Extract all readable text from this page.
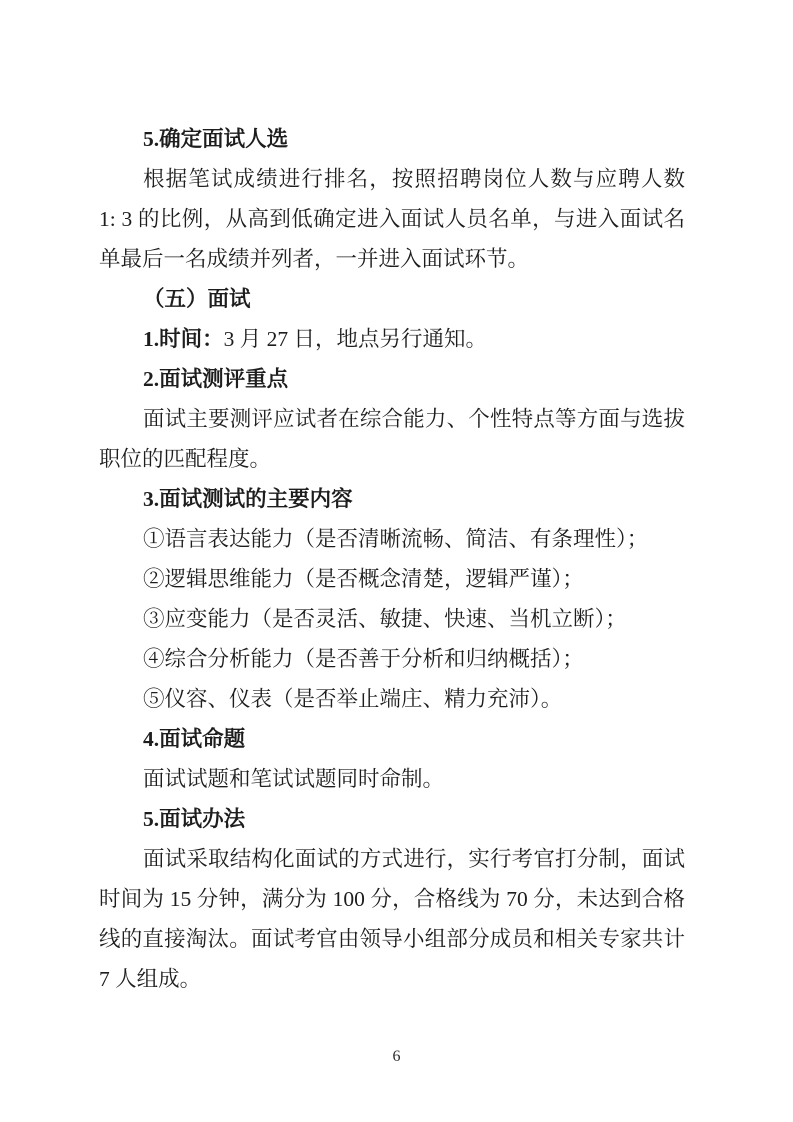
5.确定面试人选
根据笔试成绩进行排名，按照招聘岗位人数与应聘人数
1: 3 的比例，从高到低确定进入面试人员名单，与进入面试名
单最后一名成绩并列者，一并进入面试环节。
（五）面试
1.时间：3 月 27 日，地点另行通知。
2.面试测评重点
面试主要测评应试者在综合能力、个性特点等方面与选拔
职位的匹配程度。
3.面试测试的主要内容
①语言表达能力（是否清晰流畅、简洁、有条理性）；
②逻辑思维能力（是否概念清楚，逻辑严谨）；
③应变能力（是否灵活、敏捷、快速、当机立断）；
④综合分析能力（是否善于分析和归纳概括）；
⑤仪容、仪表（是否举止端庄、精力充沛）。
4.面试命题
面试试题和笔试试题同时命制。
5.面试办法
面试采取结构化面试的方式进行，实行考官打分制，面试
时间为 15 分钟，满分为 100 分，合格线为 70 分，未达到合格
线的直接淘汰。面试考官由领导小组部分成员和相关专家共计
7 人组成。
6
